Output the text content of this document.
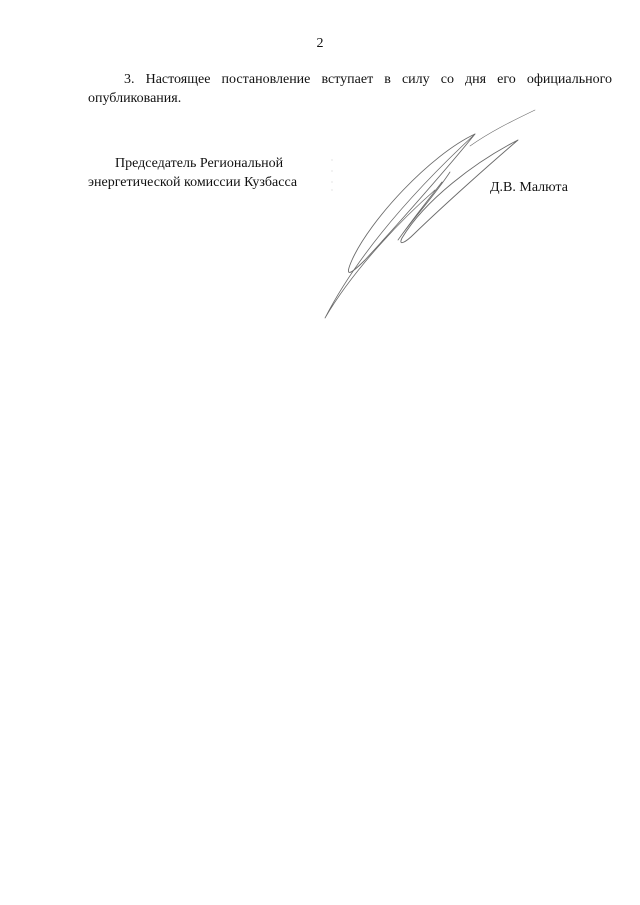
2
3. Настоящее постановление вступает в силу со дня его официального
опубликования.
Председатель Региональной
энергетической комиссии Кузбасса	Д.В. Малюта
